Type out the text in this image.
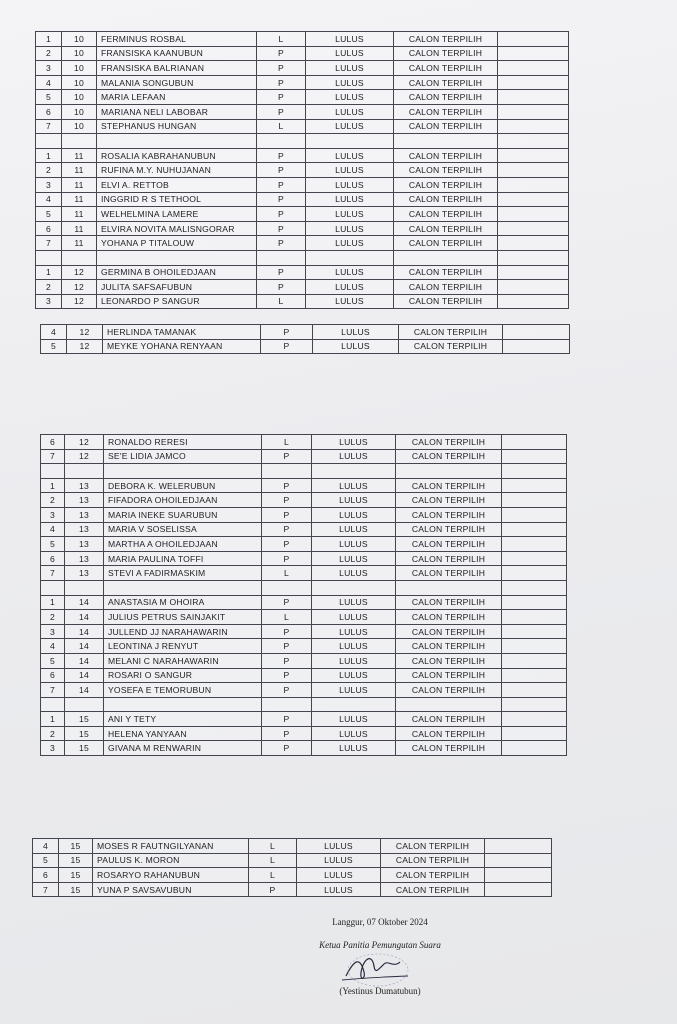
1	10	FERMINUS ROSBAL	L	LULUS	CALON TERPILIH	
2	10	FRANSISKA KAANUBUN	P	LULUS	CALON TERPILIH	
3	10	FRANSISKA BALRIANAN	P	LULUS	CALON TERPILIH	
4	10	MALANIA SONGUBUN	P	LULUS	CALON TERPILIH	
5	10	MARIA LEFAAN	P	LULUS	CALON TERPILIH	
6	10	MARIANA NELI LABOBAR	P	LULUS	CALON TERPILIH	
7	10	STEPHANUS HUNGAN	L	LULUS	CALON TERPILIH	

1	11	ROSALIA KABRAHANUBUN	P	LULUS	CALON TERPILIH	
2	11	RUFINA M.Y. NUHUJANAN	P	LULUS	CALON TERPILIH	
3	11	ELVI A. RETTOB	P	LULUS	CALON TERPILIH	
4	11	INGGRID R S TETHOOL	P	LULUS	CALON TERPILIH	
5	11	WELHELMINA LAMERE	P	LULUS	CALON TERPILIH	
6	11	ELVIRA NOVITA MALISNGORAR	P	LULUS	CALON TERPILIH	
7	11	YOHANA P TITALOUW	P	LULUS	CALON TERPILIH	

1	12	GERMINA B OHOILEDJAAN	P	LULUS	CALON TERPILIH	
2	12	JULITA SAFSAFUBUN	P	LULUS	CALON TERPILIH	
3	12	LEONARDO P SANGUR	L	LULUS	CALON TERPILIH	
4	12	HERLINDA TAMANAK	P	LULUS	CALON TERPILIH	
5	12	MEYKE YOHANA RENYAAN	P	LULUS	CALON TERPILIH	
6	12	RONALDO RERESI	L	LULUS	CALON TERPILIH	
7	12	SE'E LIDIA JAMCO	P	LULUS	CALON TERPILIH	

1	13	DEBORA K. WELERUBUN	P	LULUS	CALON TERPILIH	
2	13	FIFADORA OHOILEDJAAN	P	LULUS	CALON TERPILIH	
3	13	MARIA INEKE SUARUBUN	P	LULUS	CALON TERPILIH	
4	13	MARIA V SOSELISSA	P	LULUS	CALON TERPILIH	
5	13	MARTHA A OHOILEDJAAN	P	LULUS	CALON TERPILIH	
6	13	MARIA PAULINA TOFFI	P	LULUS	CALON TERPILIH	
7	13	STEVI A FADIRMASKIM	L	LULUS	CALON TERPILIH	

1	14	ANASTASIA M OHOIRA	P	LULUS	CALON TERPILIH	
2	14	JULIUS PETRUS SAINJAKIT	L	LULUS	CALON TERPILIH	
3	14	JULLEND JJ NARAHAWARIN	P	LULUS	CALON TERPILIH	
4	14	LEONTINA J RENYUT	P	LULUS	CALON TERPILIH	
5	14	MELANI C NARAHAWARIN	P	LULUS	CALON TERPILIH	
6	14	ROSARI O SANGUR	P	LULUS	CALON TERPILIH	
7	14	YOSEFA E TEMORUBUN	P	LULUS	CALON TERPILIH	

1	15	ANI Y TETY	P	LULUS	CALON TERPILIH	
2	15	HELENA YANYAAN	P	LULUS	CALON TERPILIH	
3	15	GIVANA M RENWARIN	P	LULUS	CALON TERPILIH	
4	15	MOSES R FAUTNGILYANAN	L	LULUS	CALON TERPILIH	
5	15	PAULUS K. MORON	L	LULUS	CALON TERPILIH	
6	15	ROSARYO RAHANUBUN	L	LULUS	CALON TERPILIH	
7	15	YUNA P SAVSAVUBUN	P	LULUS	CALON TERPILIH	
Langgur, 07 Oktober 2024
Ketua Panitia Pemungutan Suara
(Yestinus Dumatubun)
